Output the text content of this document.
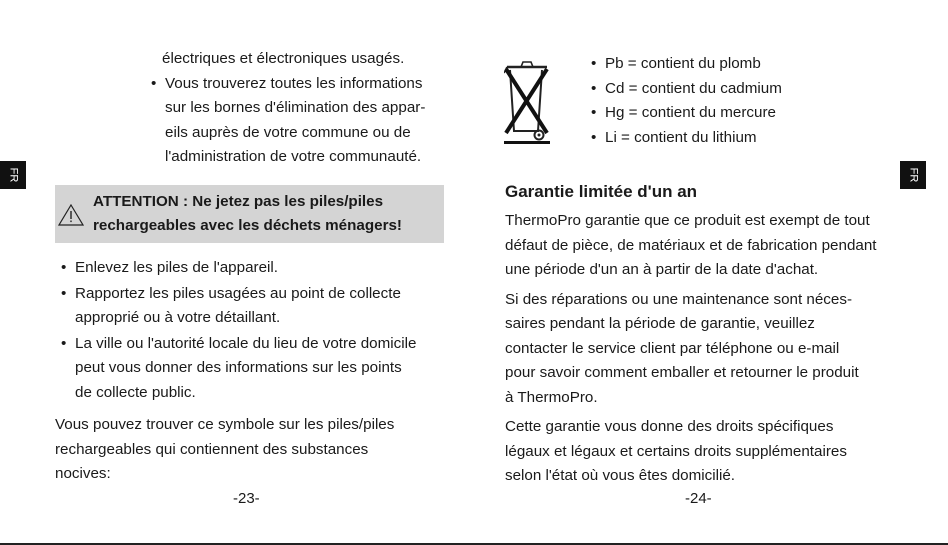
FR	FR

électriques et électroniques usagés.

• Vous trouverez toutes les informations
sur les bornes d'élimination des appar-
eils auprès de votre commune ou de
l'administration de votre communauté.
ATTENTION : Ne jetez pas les piles/piles
rechargeables avec les déchets ménagers!
• Enlevez les piles de l'appareil.
• Rapportez les piles usagées au point de collecte
approprié ou à votre détaillant.
• La ville ou l'autorité locale du lieu de votre domicile
peut vous donner des informations sur les points
de collecte public.
Vous pouvez trouver ce symbole sur les piles/piles
rechargeables qui contiennent des substances
nocives:
-23-
• Pb = contient du plomb
• Cd = contient du cadmium
• Hg = contient du mercure
• Li = contient du lithium
Garantie limitée d'un an

ThermoPro garantie que ce produit est exempt de tout
défaut de pièce, de matériaux et de fabrication pendant
une période d'un an à partir de la date d'achat.

Si des réparations ou une maintenance sont néces-
saires pendant la période de garantie, veuillez
contacter le service client par téléphone ou e-mail
pour savoir comment emballer et retourner le produit
à ThermoPro.

Cette garantie vous donne des droits spécifiques
légaux et légaux et certains droits supplémentaires
selon l'état où vous êtes domicilié.

-24-
